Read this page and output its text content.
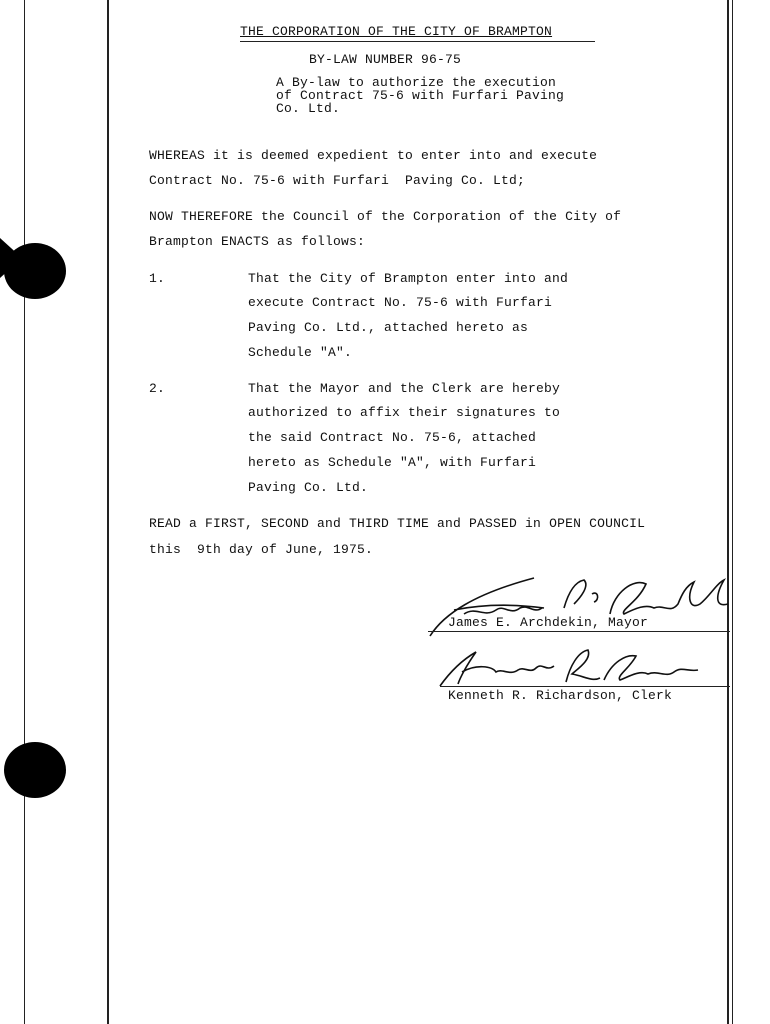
THE CORPORATION OF THE CITY OF BRAMPTON
BY-LAW NUMBER 96-75
A By-law to authorize the execution
of Contract 75-6 with Furfari Paving
Co. Ltd.
WHEREAS it is deemed expedient to enter into and execute
Contract No. 75-6 with Furfari  Paving Co. Ltd;
NOW THEREFORE the Council of the Corporation of the City of
Brampton ENACTS as follows:
1.	That the City of Brampton enter into and
execute Contract No. 75-6 with Furfari
Paving Co. Ltd., attached hereto as
Schedule "A".
2.	That the Mayor and the Clerk are hereby
authorized to affix their signatures to
the said Contract No. 75-6, attached
hereto as Schedule "A", with Furfari
Paving Co. Ltd.
READ a FIRST, SECOND and THIRD TIME and PASSED in OPEN COUNCIL
this  9th day of June, 1975.
James E. Archdekin, Mayor
Kenneth R. Richardson, Clerk
